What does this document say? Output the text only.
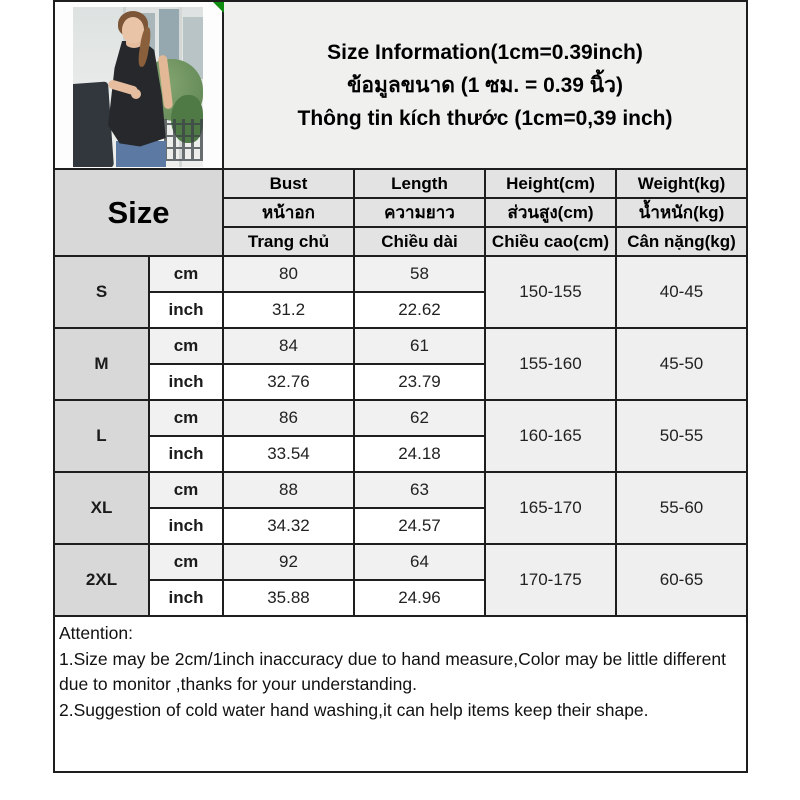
		Size Information(1cm=0.39inch)
ข้อมูลขนาด (1 ซม. = 0.39 นิ้ว)
Thông tin kích thước (1cm=0,39 inch)			

Size		Bust	Length	Height(cm)	Weight(kg)
		หน้าอก	ความยาว	ส่วนสูง(cm)	น้ำหนัก(kg)
		Trang chủ	Chiều dài	Chiều cao(cm)	Cân nặng(kg)
S	cm	80	58	150-155	40-45
	inch	31.2	22.62		
M	cm	84	61	155-160	45-50
	inch	32.76	23.79		
L	cm	86	62	160-165	50-55
	inch	33.54	24.18		
XL	cm	88	63	165-170	55-60
	inch	34.32	24.57		
2XL	cm	92	64	170-175	60-65
	inch	35.88	24.96		

Attention:
1.Size may be 2cm/1inch inaccuracy due to hand measure,Color may be little different due to monitor ,thanks for your understanding.
2.Suggestion of cold water hand washing,it can help items keep their shape.					
